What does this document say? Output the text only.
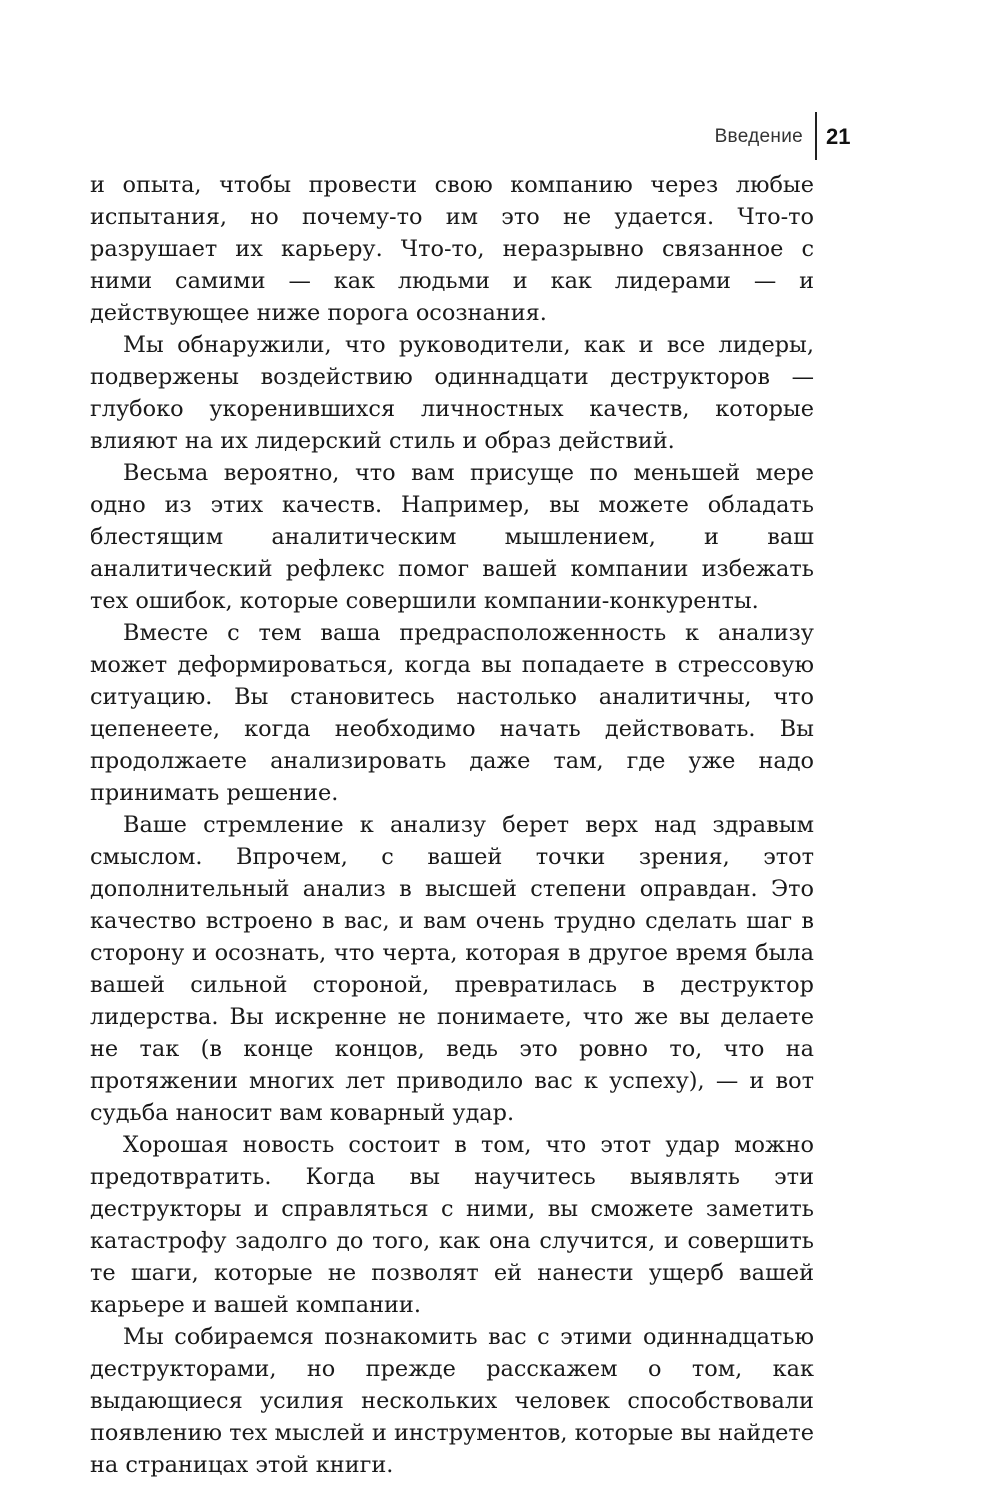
Введение 21

и опыта, чтобы провести свою компанию через любые испытания, но почему-то им это не удается. Что-то разрушает их карьеру. Что-то, неразрывно связанное с ними самими — как людьми и как лидерами — и действующее ниже порога осознания.

Мы обнаружили, что руководители, как и все лидеры, подвержены воздействию одиннадцати деструкторов — глубоко укоренившихся личностных качеств, которые влияют на их лидерский стиль и образ действий.

Весьма вероятно, что вам присуще по меньшей мере одно из этих качеств. Например, вы можете обладать блестящим аналитическим мышлением, и ваш аналитический рефлекс помог вашей компании избежать тех ошибок, которые совершили компании-конкуренты.

Вместе с тем ваша предрасположенность к анализу может деформироваться, когда вы попадаете в стрессовую ситуацию. Вы становитесь настолько аналитичны, что цепенеете, когда необходимо начать действовать. Вы продолжаете анализировать даже там, где уже надо принимать решение.

Ваше стремление к анализу берет верх над здравым смыслом. Впрочем, с вашей точки зрения, этот дополнительный анализ в высшей степени оправдан. Это качество встроено в вас, и вам очень трудно сделать шаг в сторону и осознать, что черта, которая в другое время была вашей сильной стороной, превратилась в деструктор лидерства. Вы искренне не понимаете, что же вы делаете не так (в конце концов, ведь это ровно то, что на протяжении многих лет приводило вас к успеху), — и вот судьба наносит вам коварный удар.

Хорошая новость состоит в том, что этот удар можно предотвратить. Когда вы научитесь выявлять эти деструкторы и справляться с ними, вы сможете заметить катастрофу задолго до того, как она случится, и совершить те шаги, которые не позволят ей нанести ущерб вашей карьере и вашей компании.

Мы собираемся познакомить вас с этими одиннадцатью деструкторами, но прежде расскажем о том, как выдающиеся усилия нескольких человек способствовали появлению тех мыслей и инструментов, которые вы найдете на страницах этой книги.
